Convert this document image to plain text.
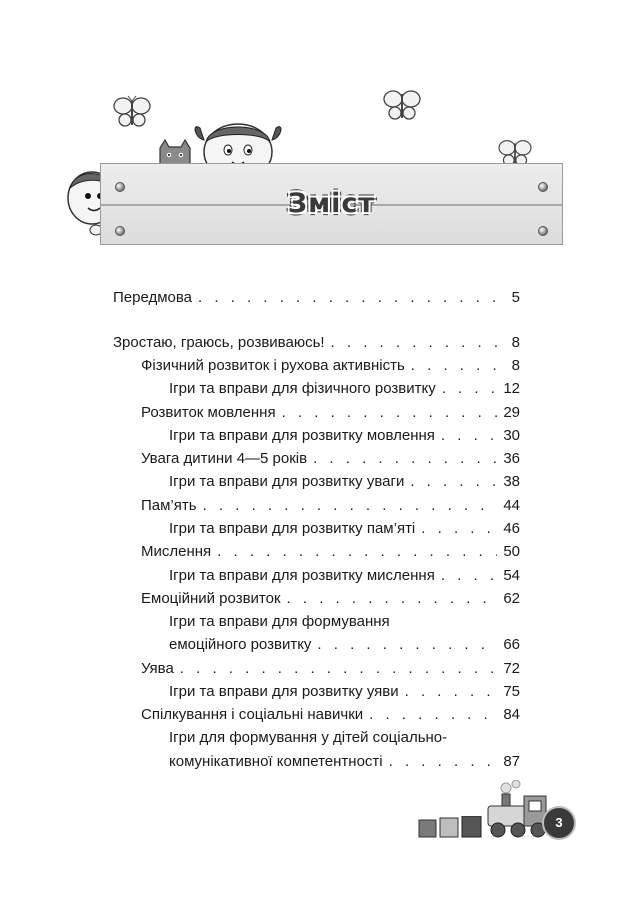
Зміст
Передмова . . .	5
Зростаю, граюсь, розвиваюсь! . . .	8
Фізичний розвиток і рухова активність . . .	8
Ігри та вправи для фізичного розвитку . . .	12
Розвиток мовлення . . .	29
Ігри та вправи для розвитку мовлення . . .	30
Увага дитини 4—5 років . . .	36
Ігри та вправи для розвитку уваги . . .	38
Пам’ять . . .	44
Ігри та вправи для розвитку пам’яті . . .	46
Мислення . . .	50
Ігри та вправи для розвитку мислення . . .	54
Емоційний розвиток . . .	62
Ігри та вправи для формування
емоційного розвитку . . .	66
Уява . . .	72
Ігри та вправи для розвитку уяви . . .	75
Спілкування і соціальні навички . . .	84
Ігри для формування у дітей соціально-
комунікативної компетентності . . .	87
3
